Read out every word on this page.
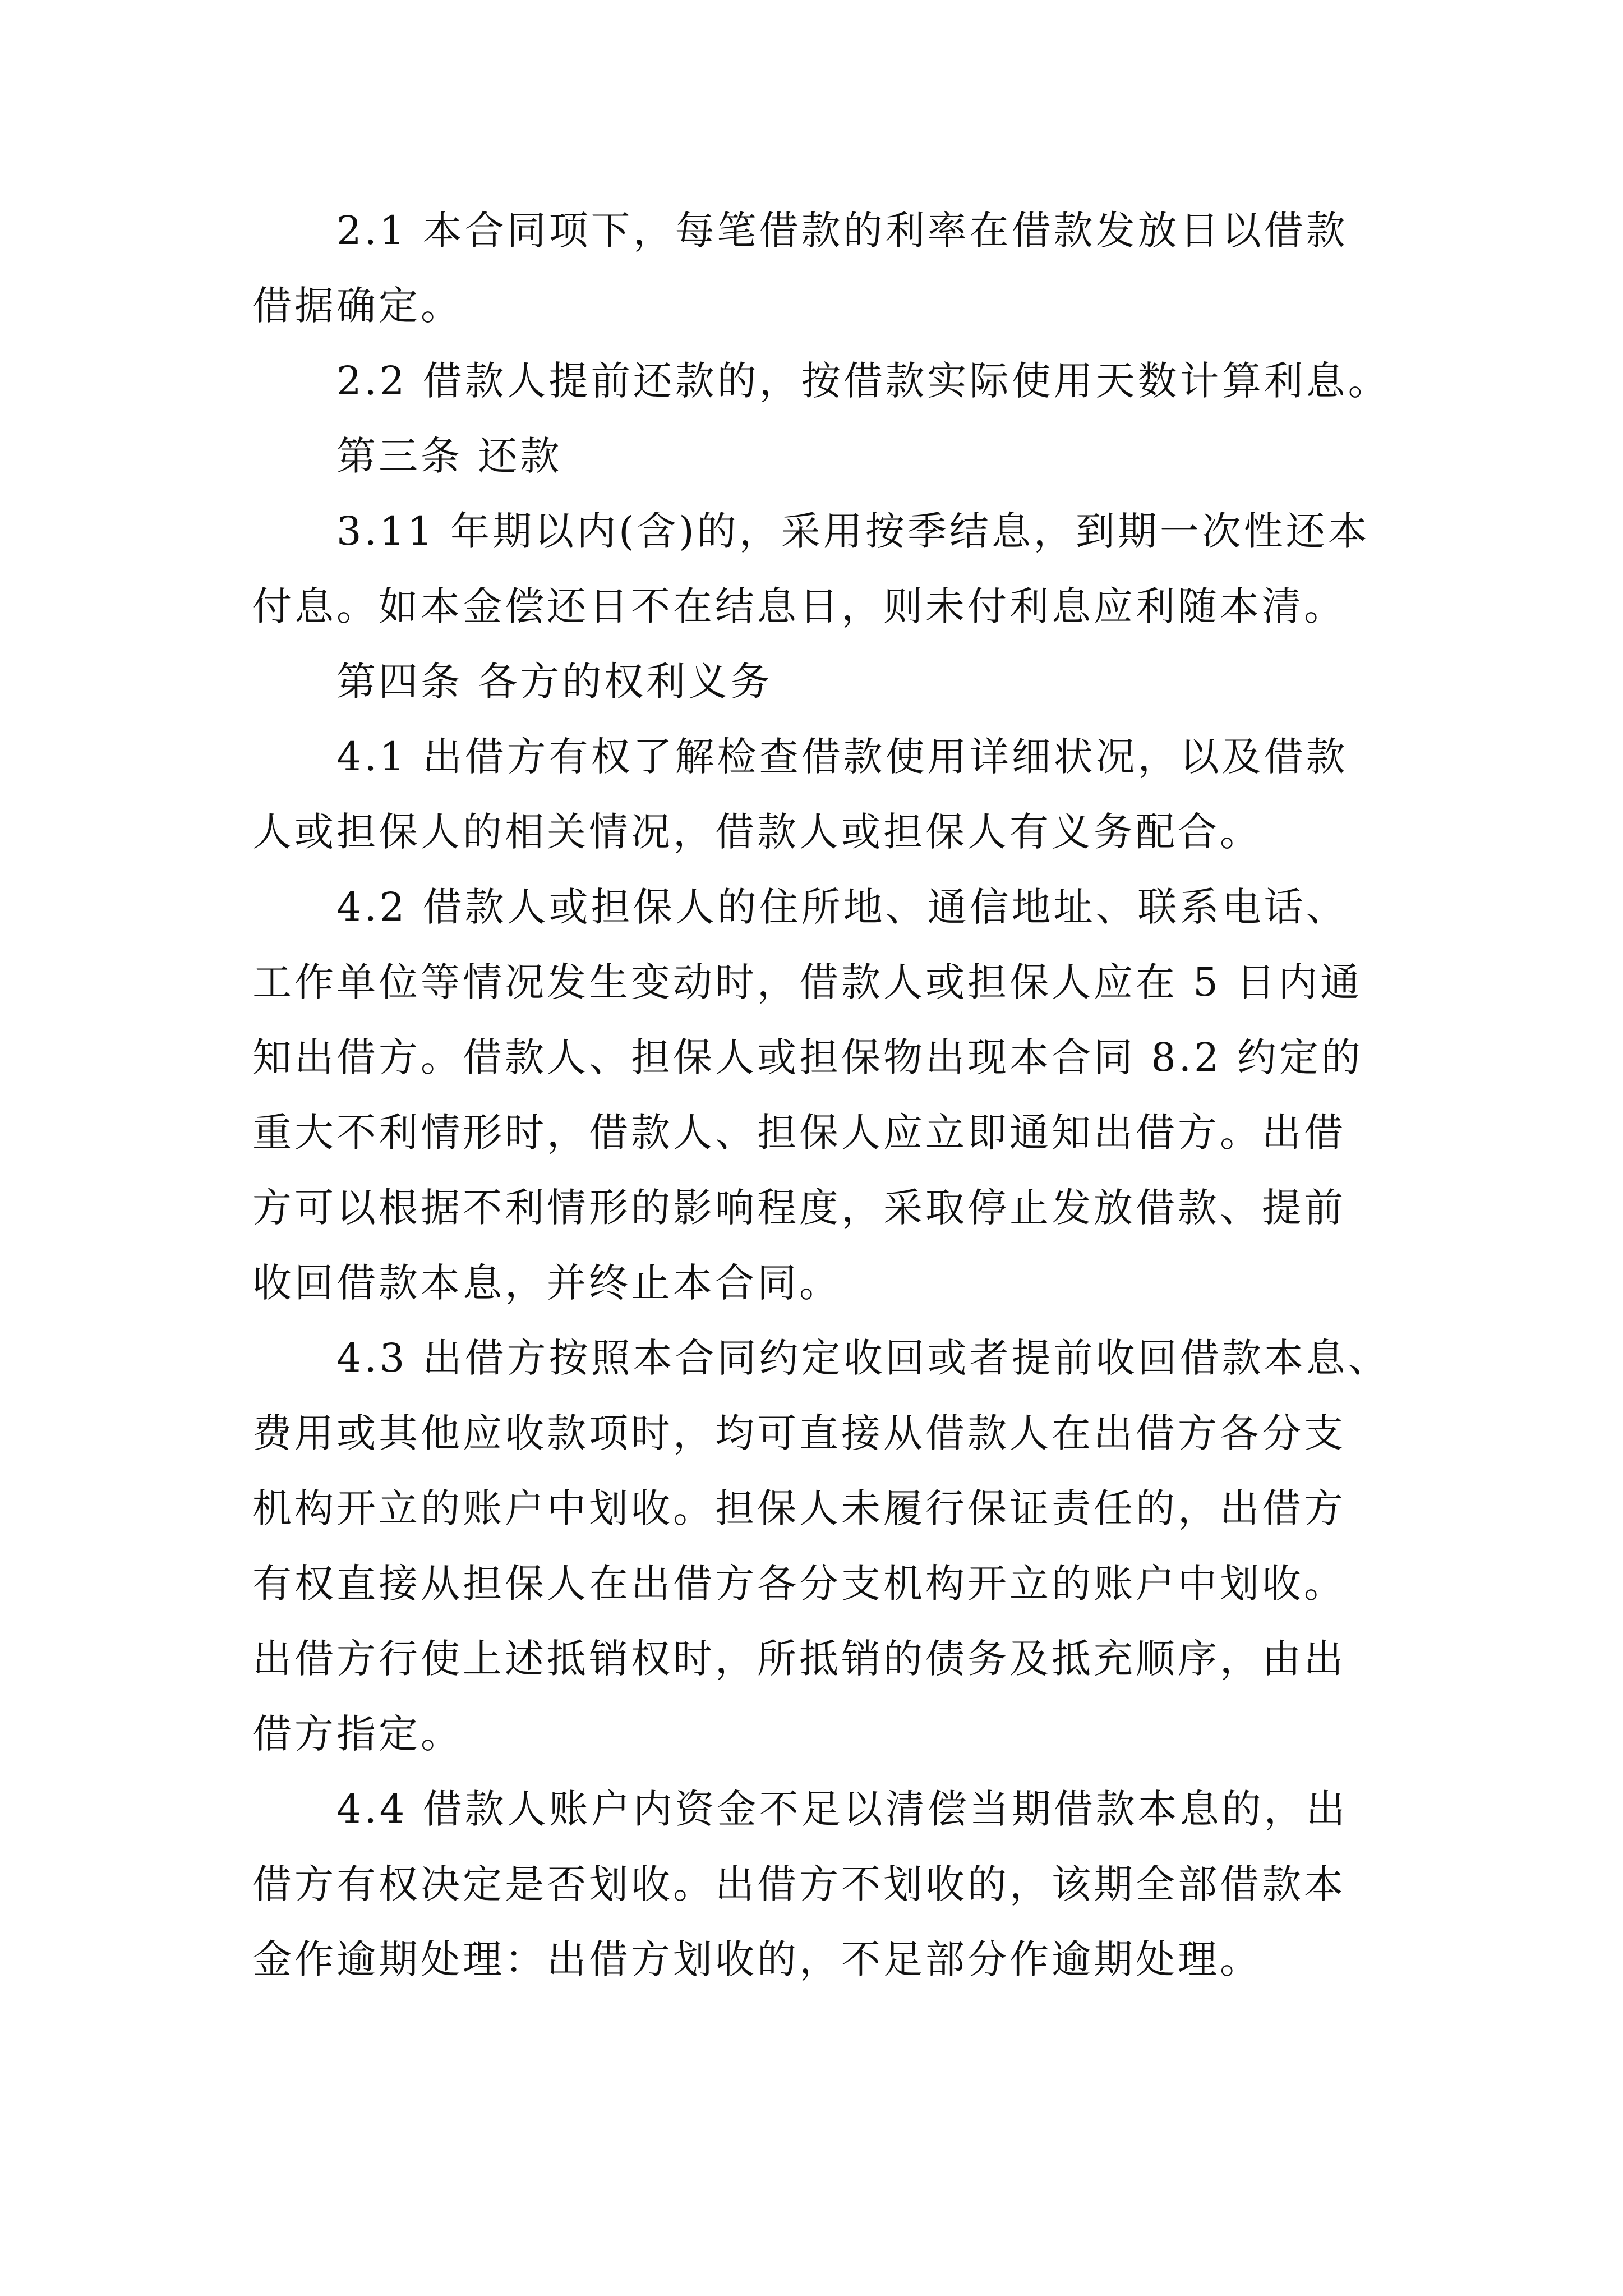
2.1 本合同项下，每笔借款的利率在借款发放日以借款
借据确定。

2.2 借款人提前还款的，按借款实际使用天数计算利息。

第三条 还款

3.11 年期以内(含)的，采用按季结息，到期一次性还本
付息。如本金偿还日不在结息日，则未付利息应利随本清。

第四条 各方的权利义务

4.1 出借方有权了解检查借款使用详细状况，以及借款
人或担保人的相关情况，借款人或担保人有义务配合。

4.2 借款人或担保人的住所地、通信地址、联系电话、
工作单位等情况发生变动时，借款人或担保人应在 5 日内通
知出借方。借款人、担保人或担保物出现本合同 8.2 约定的
重大不利情形时，借款人、担保人应立即通知出借方。出借
方可以根据不利情形的影响程度，采取停止发放借款、提前
收回借款本息，并终止本合同。

4.3 出借方按照本合同约定收回或者提前收回借款本息、
费用或其他应收款项时，均可直接从借款人在出借方各分支
机构开立的账户中划收。担保人未履行保证责任的，出借方
有权直接从担保人在出借方各分支机构开立的账户中划收。
出借方行使上述抵销权时，所抵销的债务及抵充顺序，由出
借方指定。

4.4 借款人账户内资金不足以清偿当期借款本息的，出
借方有权决定是否划收。出借方不划收的，该期全部借款本
金作逾期处理：出借方划收的，不足部分作逾期处理。
